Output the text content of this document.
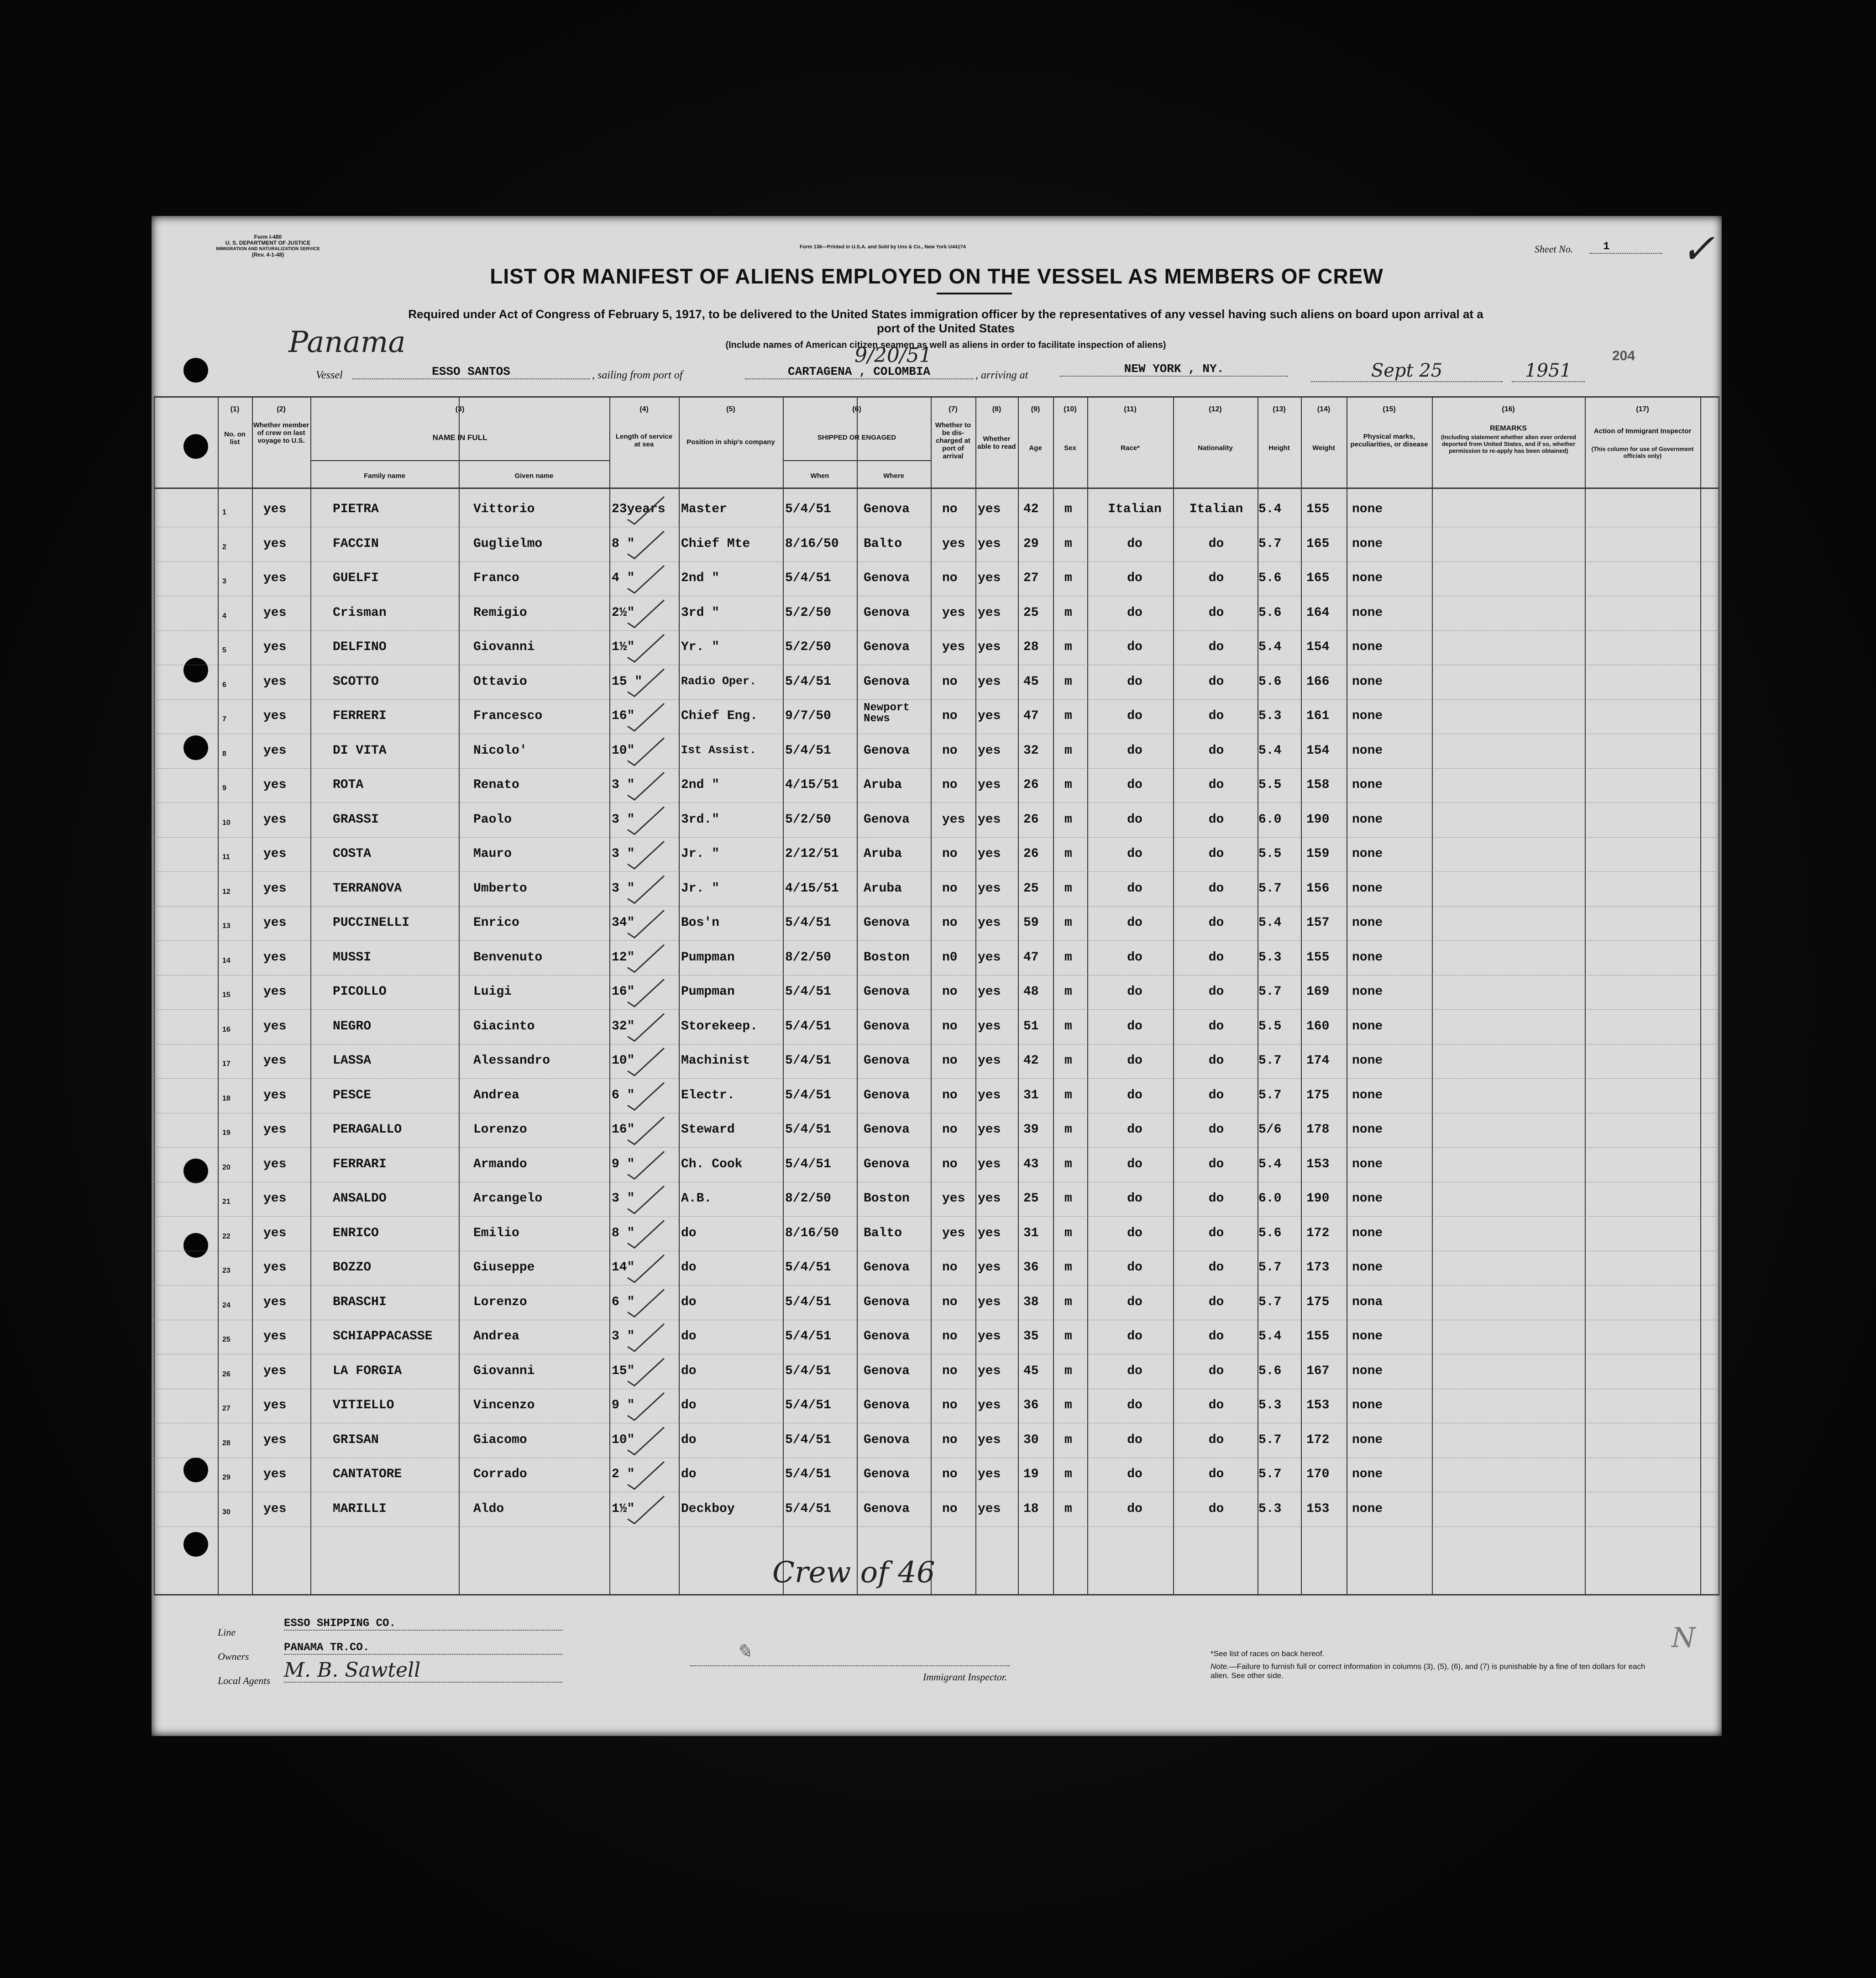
Form I-480
U. S. DEPARTMENT OF JUSTICE
IMMIGRATION AND NATURALIZATION SERVICE
(Rev. 4-1-48)
Form 136—Printed in U.S.A. and Sold by Uns & Co., New York U44174	Sheet No.	1	✓
LIST OR MANIFEST OF ALIENS EMPLOYED ON THE VESSEL AS MEMBERS OF CREW
Required under Act of Congress of February 5, 1917, to be delivered to the United States immigration officer by the representatives of any vessel having such aliens on board upon arrival at a
port of the United States
(Include names of American citizen seamen as well as aliens in order to facilitate inspection of aliens)
204
Panama
Vessel	ESSO SANTOS	, sailing from port of	CARTAGENA , COLOMBIA
9/20/51
, arriving at	NEW YORK , NY.	Sept 25	1951
(1)	(2)	(3)	(4)	(5)	(6)	(7)	(8)	(9)	(10)	(11)	(12)	(13)	(14)	(15)	(16)	(17)
No. on list
Whether member of crew on last voyage to U.S.	NAME IN FULL
Family name	Given name
Length of service at sea	Position in ship's company
SHIPPED OR ENGAGED
When	Where
Whether to be dis-charged at port of arrival
Whether able to read	Age	Sex	Race*	Nationality	Height	Weight
Physical marks, peculiarities, or disease
REMARKS
(Including statement whether alien ever ordered deported from United States, and if so, whether permission to re-apply has been obtained)
Action of Immigrant Inspector
(This column for use of Government officials only)
1	yes	PIETRA	Vittorio	23years Master	5/4/51	Genova	no yes 42 m	Italian	Italian	5.4 155 none
2	yes	FACCIN	Guglielmo	8 "	Chief Mte	8/16/50 Balto	yes yes 29 m	do	do	5.7 165 none
3	yes	GUELFI	Franco	4 "	2nd "	5/4/51	Genova	no yes 27 m	do	do	5.6 165 none
4	yes	Crisman	Remigio	2½"	3rd "	5/2/50	Genova	yes yes 25 m	do	do	5.6 164 none
5	yes	DELFINO	Giovanni	1½"	Yr. "	5/2/50	Genova	yes yes 28 m	do	do	5.4 154 none
6	yes	SCOTTO	Ottavio	15 "	Radio Oper. 5/4/51	Genova	no yes 45 m	do	do	5.6 166 none
7	yes	FERRERI	Francesco	16"	Chief Eng. 9/7/50
Newport News	no yes 47 m	do	do	5.3 161 none
8	yes	DI VITA	Nicolo'	10"	Ist Assist. 5/4/51	Genova	no yes 32 m	do	do	5.4 154 none
9	yes	ROTA	Renato	3 "	2nd "	4/15/51 Aruba	no yes 26 m	do	do	5.5 158 none
10	yes	GRASSI	Paolo	3 "	3rd."	5/2/50	Genova	yes yes 26 m	do	do	6.0 190 none
11	yes	COSTA	Mauro	3 "	Jr. "	2/12/51 Aruba	no yes 26 m	do	do	5.5 159 none
12	yes	TERRANOVA	Umberto	3 "	Jr. "	4/15/51 Aruba	no yes 25 m	do	do	5.7 156 none
13	yes	PUCCINELLI	Enrico	34"	Bos'n	5/4/51	Genova	no yes 59 m	do	do	5.4 157 none
14	yes	MUSSI	Benvenuto	12"	Pumpman	8/2/50	Boston	n0 yes 47 m	do	do	5.3 155 none
15	yes	PICOLLO	Luigi	16"	Pumpman	5/4/51	Genova	no yes 48 m	do	do	5.7 169 none
16	yes	NEGRO	Giacinto	32"	Storekeep. 5/4/51	Genova	no yes 51 m	do	do	5.5 160 none
17	yes	LASSA	Alessandro	10"	Machinist	5/4/51	Genova	no yes 42 m	do	do	5.7 174 none
18	yes	PESCE	Andrea	6 "	Electr.	5/4/51	Genova	no yes 31 m	do	do	5.7 175 none
19	yes	PERAGALLO	Lorenzo	16"	Steward	5/4/51	Genova	no yes 39 m	do	do	5/6 178 none
20	yes	FERRARI	Armando	9 "	Ch. Cook	5/4/51	Genova	no yes 43 m	do	do	5.4 153 none
21	yes	ANSALDO	Arcangelo	3 "	A.B.	8/2/50	Boston	yes yes 25 m	do	do	6.0 190 none
22	yes	ENRICO	Emilio	8 "	do	8/16/50 Balto	yes yes 31 m	do	do	5.6 172 none
23	yes	BOZZO	Giuseppe	14"	do	5/4/51	Genova	no yes 36 m	do	do	5.7 173 none
24	yes	BRASCHI	Lorenzo	6 "	do	5/4/51	Genova	no yes 38 m	do	do	5.7 175 nona
25	yes	SCHIAPPACASSE	Andrea	3 "	do	5/4/51	Genova	no yes 35 m	do	do	5.4 155 none
26	yes	LA FORGIA	Giovanni	15"	do	5/4/51	Genova	no yes 45 m	do	do	5.6 167 none
27	yes	VITIELLO	Vincenzo	9 "	do	5/4/51	Genova	no yes 36 m	do	do	5.3 153 none
28	yes	GRISAN	Giacomo	10"	do	5/4/51	Genova	no yes 30 m	do	do	5.7 172 none
29	yes	CANTATORE	Corrado	2 "	do	5/4/51	Genova	no yes 19 m	do	do	5.7 170 none
30	yes	MARILLI	Aldo	1½"	Deckboy	5/4/51	Genova	no yes 18 m	do	do	5.3 153 none
Crew of 46
Line
ESSO SHIPPING CO.
Owners
PANAMA TR.CO.
Local Agents M. B. Sawtell
✎
Immigrant Inspector.
*See list of races on back hereof.
Note.—Failure to furnish full or correct information in columns (3), (5), (6), and (7) is punishable by a fine of ten dollars for each alien. See other side.
N
